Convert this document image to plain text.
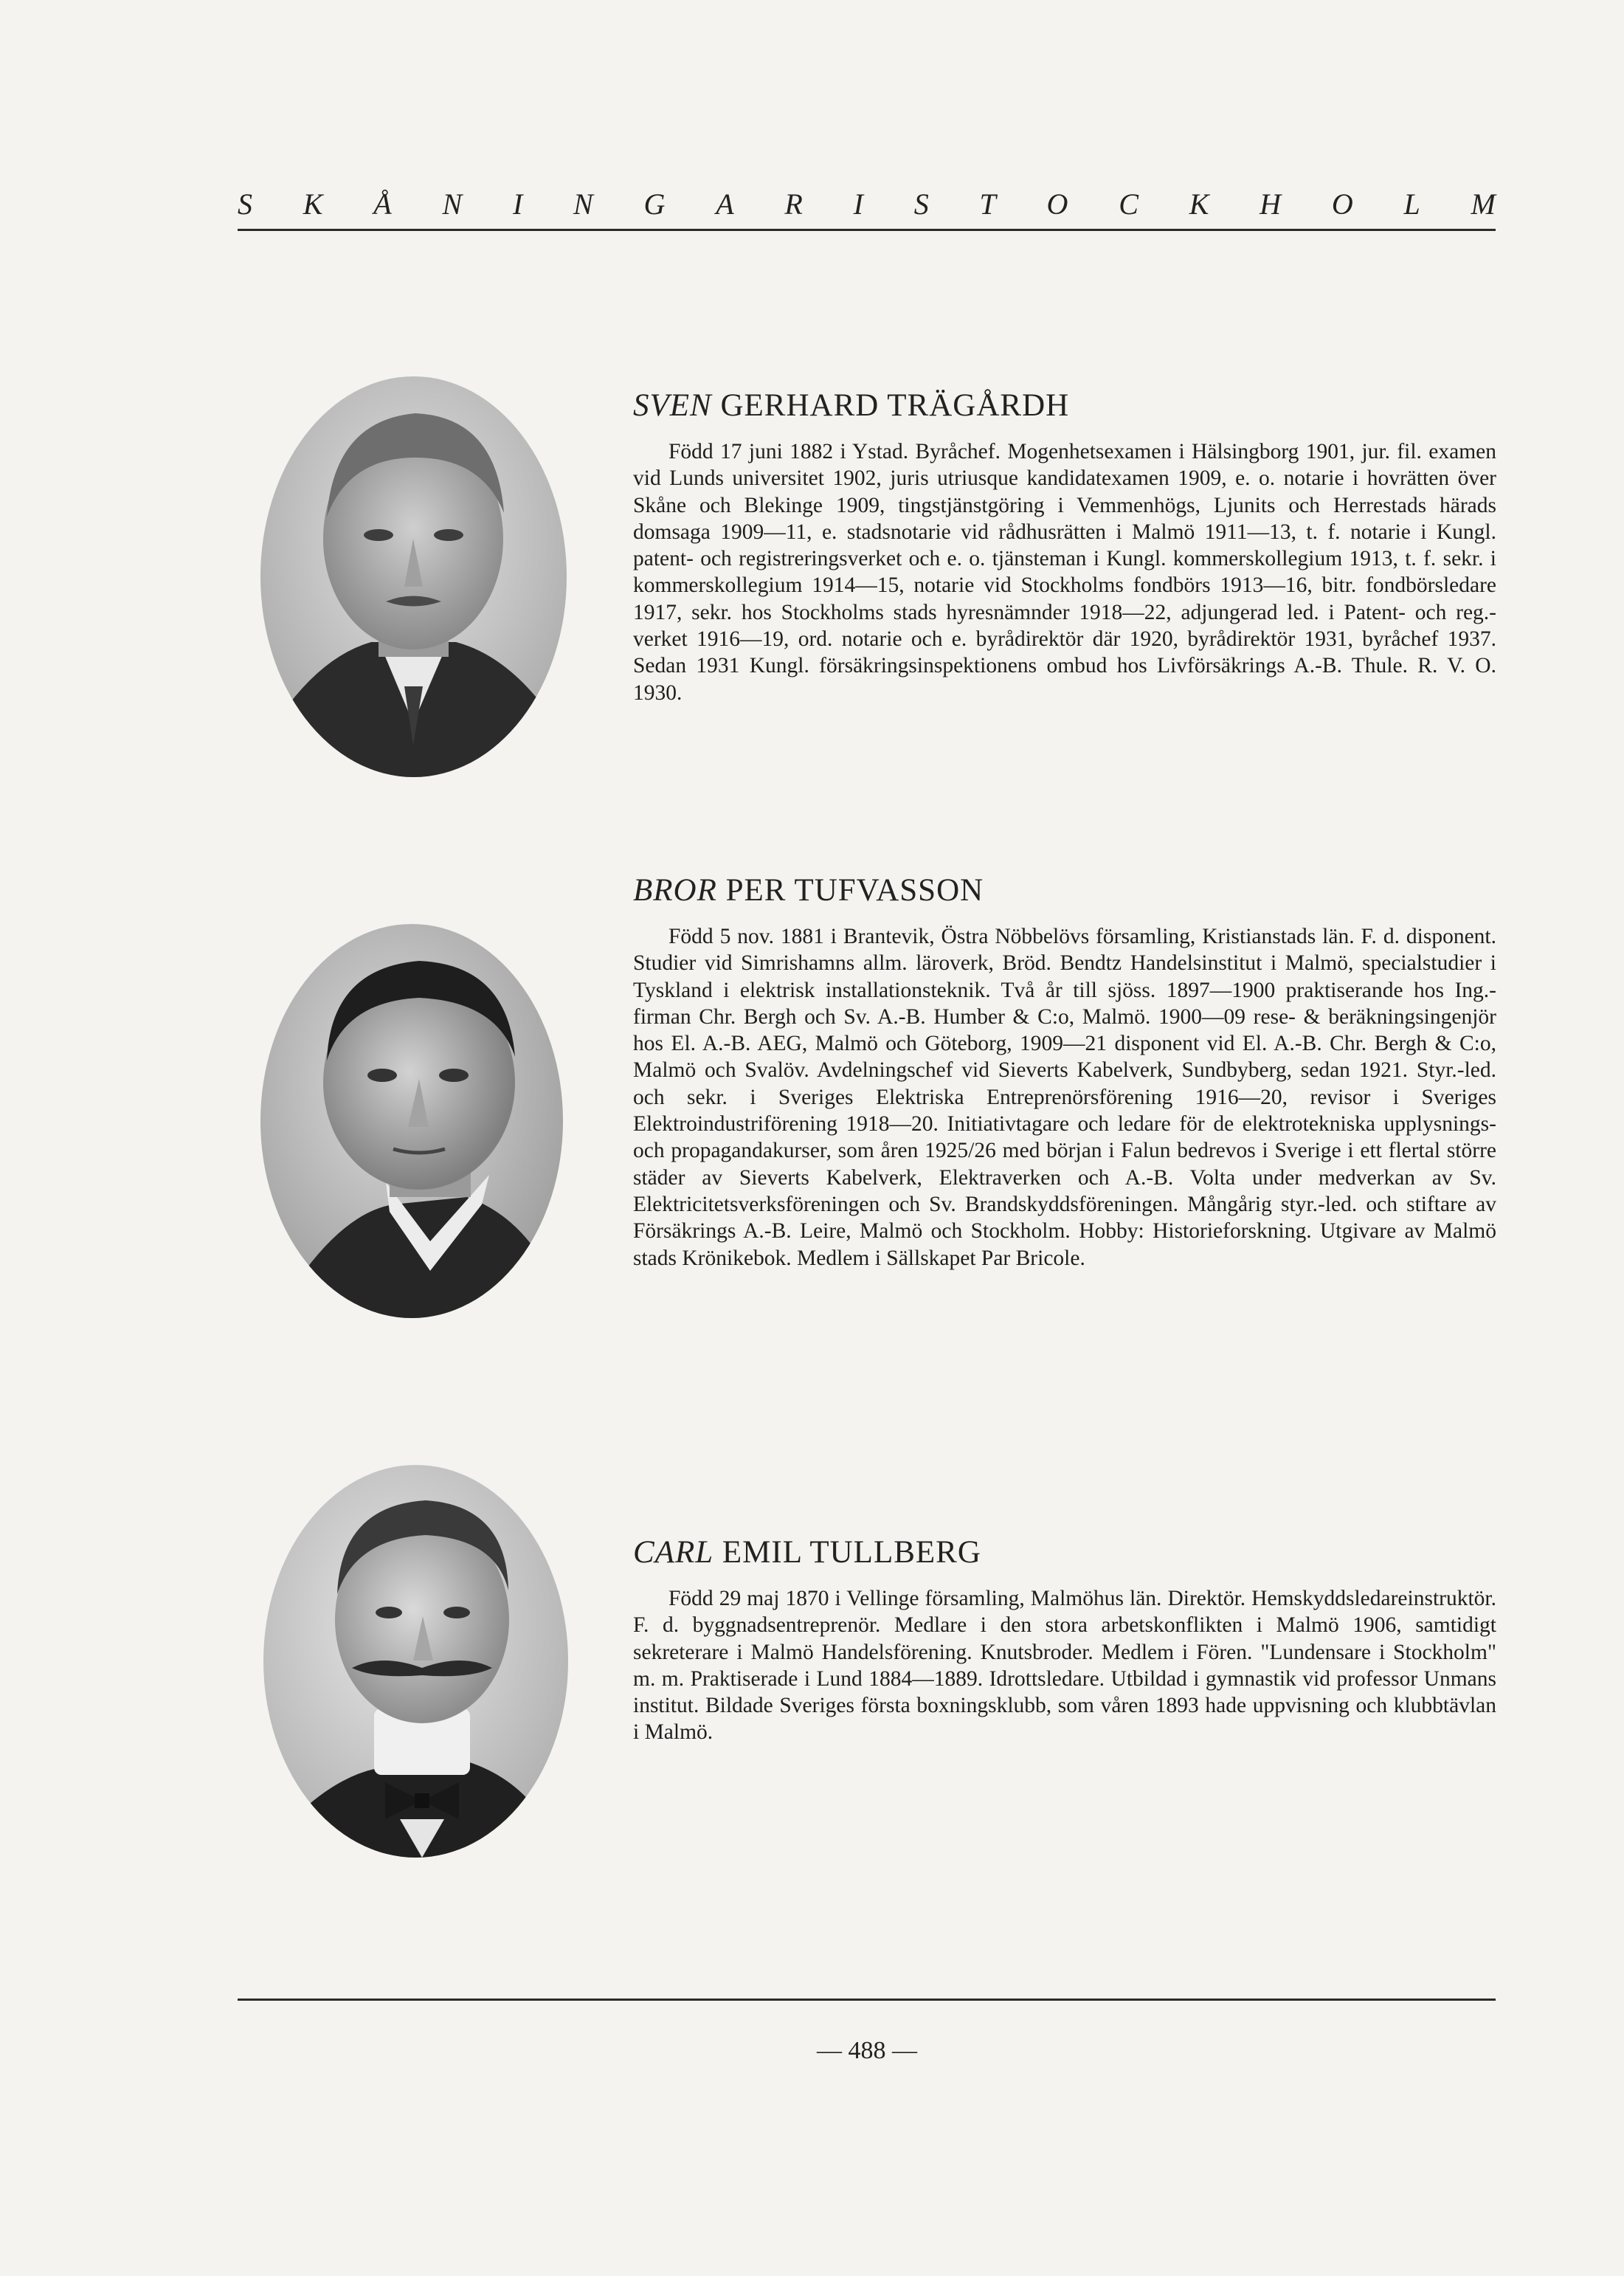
S K Å N I N G A R I S T O C K H O L M
SVEN GERHARD TRÄGÅRDH
Född 17 juni 1882 i Ystad. Byråchef. Mogenhetsexamen i Hälsingborg 1901, jur. fil. examen vid Lunds universitet 1902, juris utriusque kandidatexamen 1909, e. o. notarie i hovrätten över Skåne och Blekinge 1909, tingstjänstgöring i Vemmenhögs, Ljunits och Herrestads härads domsaga 1909—11, e. stadsnotarie vid rådhusrätten i Malmö 1911—13, t. f. notarie i Kungl. patent- och registreringsverket och e. o. tjänsteman i Kungl. kommerskollegium 1913, t. f. sekr. i kommerskollegium 1914—15, notarie vid Stockholms fondbörs 1913—16, bitr. fondbörsledare 1917, sekr. hos Stockholms stads hyresnämnder 1918—22, adjungerad led. i Patent- och reg.-verket 1916—19, ord. notarie och e. byrådirektör där 1920, byrådirektör 1931, byråchef 1937. Sedan 1931 Kungl. försäkringsinspektionens ombud hos Livförsäkrings A.-B. Thule. R. V. O. 1930.
BROR PER TUFVASSON
Född 5 nov. 1881 i Brantevik, Östra Nöbbelövs församling, Kristianstads län. F. d. disponent. Studier vid Simrishamns allm. läroverk, Bröd. Bendtz Handelsinstitut i Malmö, specialstudier i Tyskland i elektrisk installationsteknik. Två år till sjöss. 1897—1900 praktiserande hos Ing.-firman Chr. Bergh och Sv. A.-B. Humber & C:o, Malmö. 1900—09 rese- & beräkningsingenjör hos El. A.-B. AEG, Malmö och Göteborg, 1909—21 disponent vid El. A.-B. Chr. Bergh & C:o, Malmö och Svalöv. Avdelningschef vid Sieverts Kabelverk, Sundbyberg, sedan 1921. Styr.-led. och sekr. i Sveriges Elektriska Entreprenörsförening 1916—20, revisor i Sveriges Elektroindustriförening 1918—20. Initiativtagare och ledare för de elektrotekniska upplysnings- och propagandakurser, som åren 1925/26 med början i Falun bedrevos i Sverige i ett flertal större städer av Sieverts Kabelverk, Elektraverken och A.-B. Volta under medverkan av Sv. Elektricitetsverksföreningen och Sv. Brandskyddsföreningen. Mångårig styr.-led. och stiftare av Försäkrings A.-B. Leire, Malmö och Stockholm. Hobby: Historieforskning. Utgivare av Malmö stads Krönikebok. Medlem i Sällskapet Par Bricole.
CARL EMIL TULLBERG
Född 29 maj 1870 i Vellinge församling, Malmöhus län. Direktör. Hemskyddsledareinstruktör. F. d. byggnadsentreprenör. Medlare i den stora arbetskonflikten i Malmö 1906, samtidigt sekreterare i Malmö Handelsförening. Knutsbroder. Medlem i Fören. "Lundensare i Stockholm" m. m. Praktiserade i Lund 1884—1889. Idrottsledare. Utbildad i gymnastik vid professor Unmans institut. Bildade Sveriges första boxningsklubb, som våren 1893 hade uppvisning och klubbtävlan i Malmö.
— 488 —
